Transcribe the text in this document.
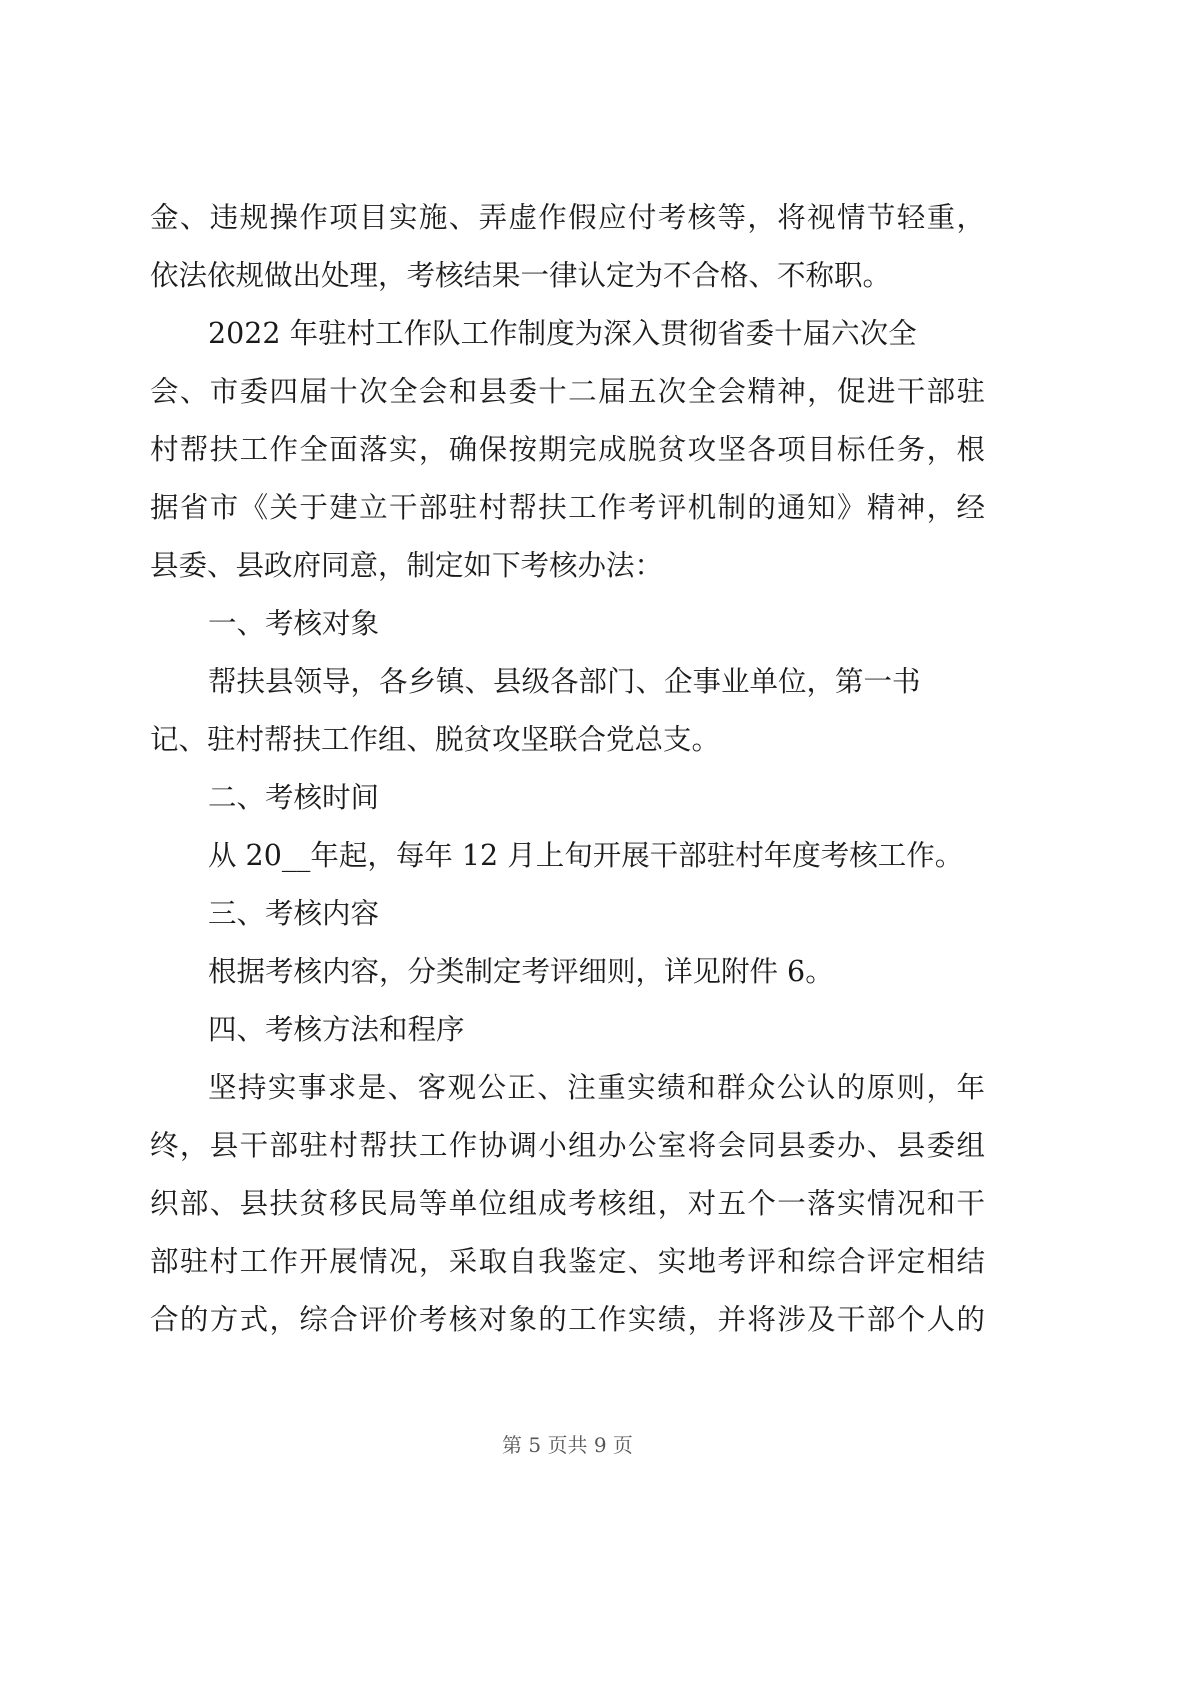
金、违规操作项目实施、弄虚作假应付考核等，将视情节轻重，
依法依规做出处理，考核结果一律认定为不合格、不称职。
2022 年驻村工作队工作制度为深入贯彻省委十届六次全
会、市委四届十次全会和县委十二届五次全会精神，促进干部驻
村帮扶工作全面落实，确保按期完成脱贫攻坚各项目标任务，根
据省市《关于建立干部驻村帮扶工作考评机制的通知》精神，经
县委、县政府同意，制定如下考核办法：
一、考核对象
帮扶县领导，各乡镇、县级各部门、企事业单位，第一书
记、驻村帮扶工作组、脱贫攻坚联合党总支。
二、考核时间
从 20__年起，每年 12 月上旬开展干部驻村年度考核工作。
三、考核内容
根据考核内容，分类制定考评细则，详见附件 6。
四、考核方法和程序
坚持实事求是、客观公正、注重实绩和群众公认的原则，年
终，县干部驻村帮扶工作协调小组办公室将会同县委办、县委组
织部、县扶贫移民局等单位组成考核组，对五个一落实情况和干
部驻村工作开展情况，采取自我鉴定、实地考评和综合评定相结
合的方式，综合评价考核对象的工作实绩，并将涉及干部个人的
第 5 页共 9 页
